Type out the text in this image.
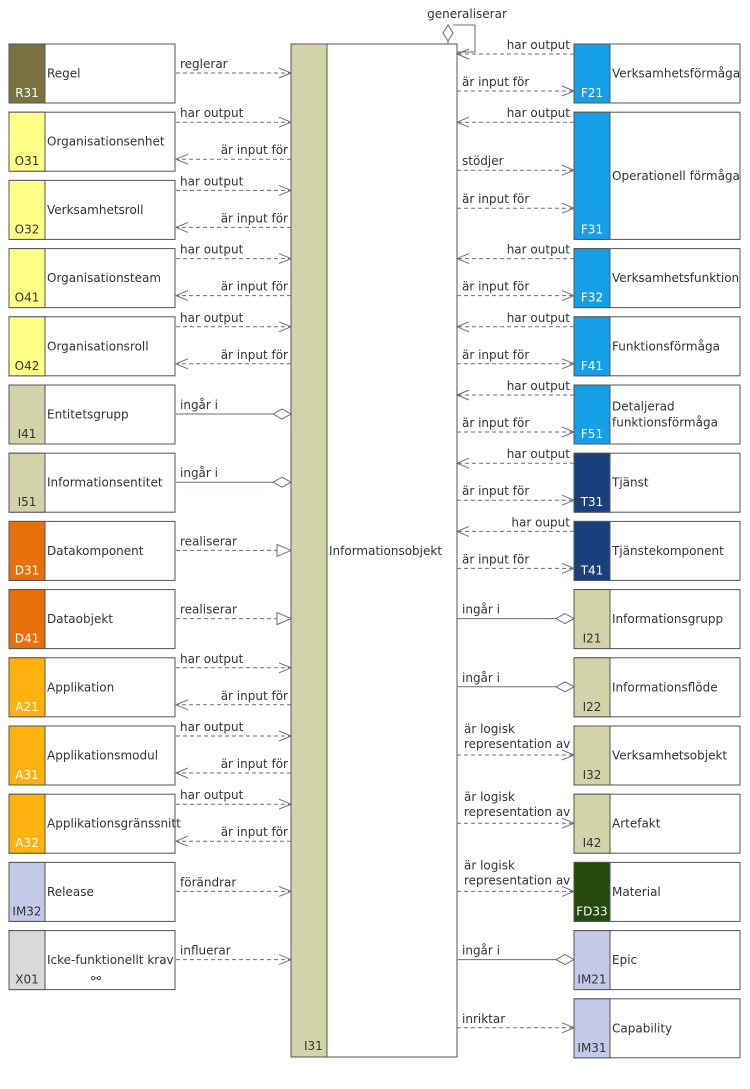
Informationsobjekt
I31
generaliserar
R31
Regel
reglerar
O31
Organisationsenhet
har output
är input för
O32
Verksamhetsroll
har output
är input för
O41
Organisationsteam
har output
är input för
O42
Organisationsroll
har output
är input för
I41
Entitetsgrupp
ingår i
I51
Informationsentitet
ingår i
D31
Datakomponent
realiserar
D41
Dataobjekt
realiserar
A21
Applikation
har output
är input för
A31
Applikationsmodul
har output
är input för
A32
Applikationsgränssnitt
har output
är input för
IM32
Release
förändrar
X01
Icke-funktionellt krav
⚯
influerar
F21
Verksamhetsförmåga
har output
är input för
F31
Operationell förmåga
har output
stödjer
är input för
F32
Verksamhetsfunktion
har output
är input för
F41
Funktionsförmåga
har output
är input för
F51
Detaljerad
funktionsförmåga
har output
är input för
T31
Tjänst
har output
är input för
T41
Tjänstekomponent
har ouput
är input för
I21
Informationsgrupp
ingår i
I22
Informationsflöde
ingår i
I32
Verksamhetsobjekt
är logisk
representation av
I42
Artefakt
är logisk
representation av
FD33
Material
är logisk
representation av
IM21
Epic
ingår i
IM31
Capability
inriktar
